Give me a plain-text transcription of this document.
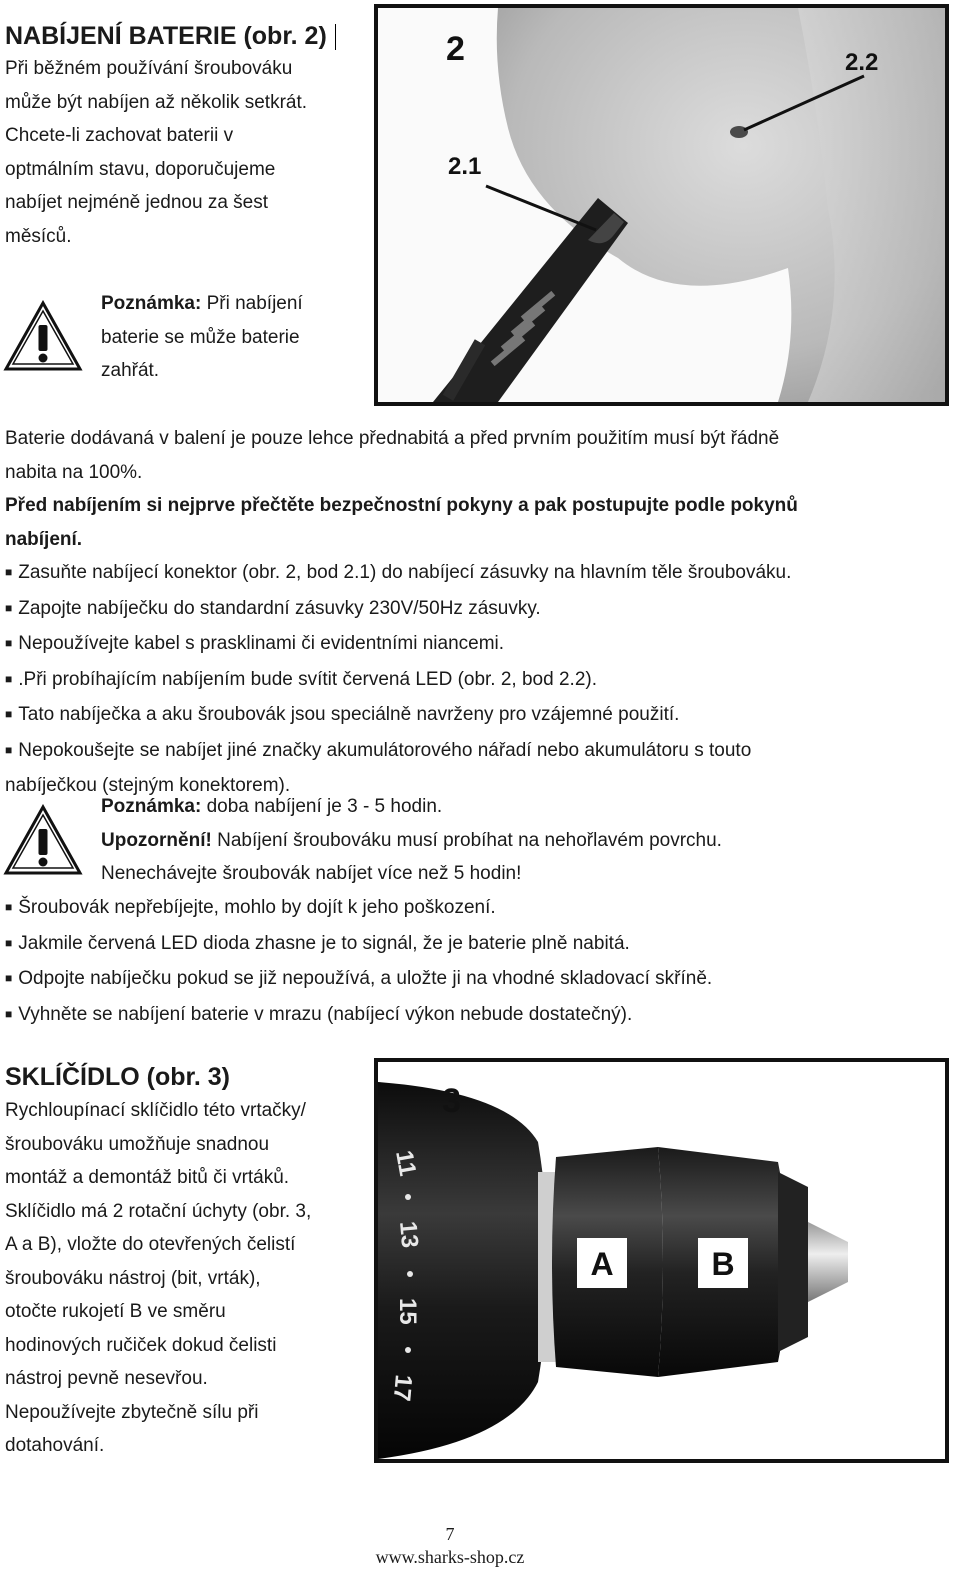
NABÍJENÍ BATERIE (obr. 2)

Při běžném používání šroubováku

může být nabíjen až několik setkrát.

Chcete-li zachovat baterii v

optmálním stavu, doporučujeme

nabíjet nejméně jednou za šest

měsíců.

Poznámka: Při nabíjení

baterie se může baterie

zahřát.

2	2.2
2.1

Baterie dodávaná v balení je pouze lehce přednabitá a před prvním použitím musí být řádně

nabita na 100%.

Před nabíjením si nejprve přečtěte bezpečnostní pokyny a pak postupujte podle pokynů

nabíjení.

■ Zasuňte nabíjecí konektor (obr. 2, bod 2.1) do nabíjecí zásuvky na hlavním těle šroubováku.

■ Zapojte nabíječku do standardní zásuvky 230V/50Hz zásuvky.

■ Nepoužívejte kabel s prasklinami či evidentními niancemi.

■ .Při probíhajícím nabíjením bude svítit červená LED (obr. 2, bod 2.2).

■ Tato nabíječka a aku šroubovák jsou speciálně navrženy pro vzájemné použití.

■ Nepokoušejte se nabíjet jiné značky akumulátorového nářadí nebo akumulátoru s touto

nabíječkou (stejným konektorem).

Poznámka: doba nabíjení je 3 - 5 hodin.

Upozornění! Nabíjení šroubováku musí probíhat na nehořlavém povrchu.

Nenechávejte šroubovák nabíjet více než 5 hodin!

■ Šroubovák nepřebíjejte, mohlo by dojít k jeho poškození.

■ Jakmile červená LED dioda zhasne je to signál, že je baterie plně nabitá.

■ Odpojte nabíječku pokud se již nepoužívá, a uložte ji na vhodné skladovací skříně.

■ Vyhněte se nabíjení baterie v mrazu (nabíjecí výkon nebude dostatečný).

SKLÍČÍDLO (obr. 3)

Rychloupínací sklíčidlo této vrtačky/

šroubováku umožňuje snadnou

montáž a demontáž bitů či vrtáků.

Sklíčidlo má 2 rotační úchyty (obr. 3,

A a B), vložte do otevřených čelistí

šroubováku nástroj (bit, vrták),

otočte rukojetí B ve směru

hodinových ručiček dokud čelisti

nástroj pevně nesevřou.

Nepoužívejte zbytečně sílu při

dotahování.

A	B
3
11
13
15
17
7
www.sharks-shop.cz
